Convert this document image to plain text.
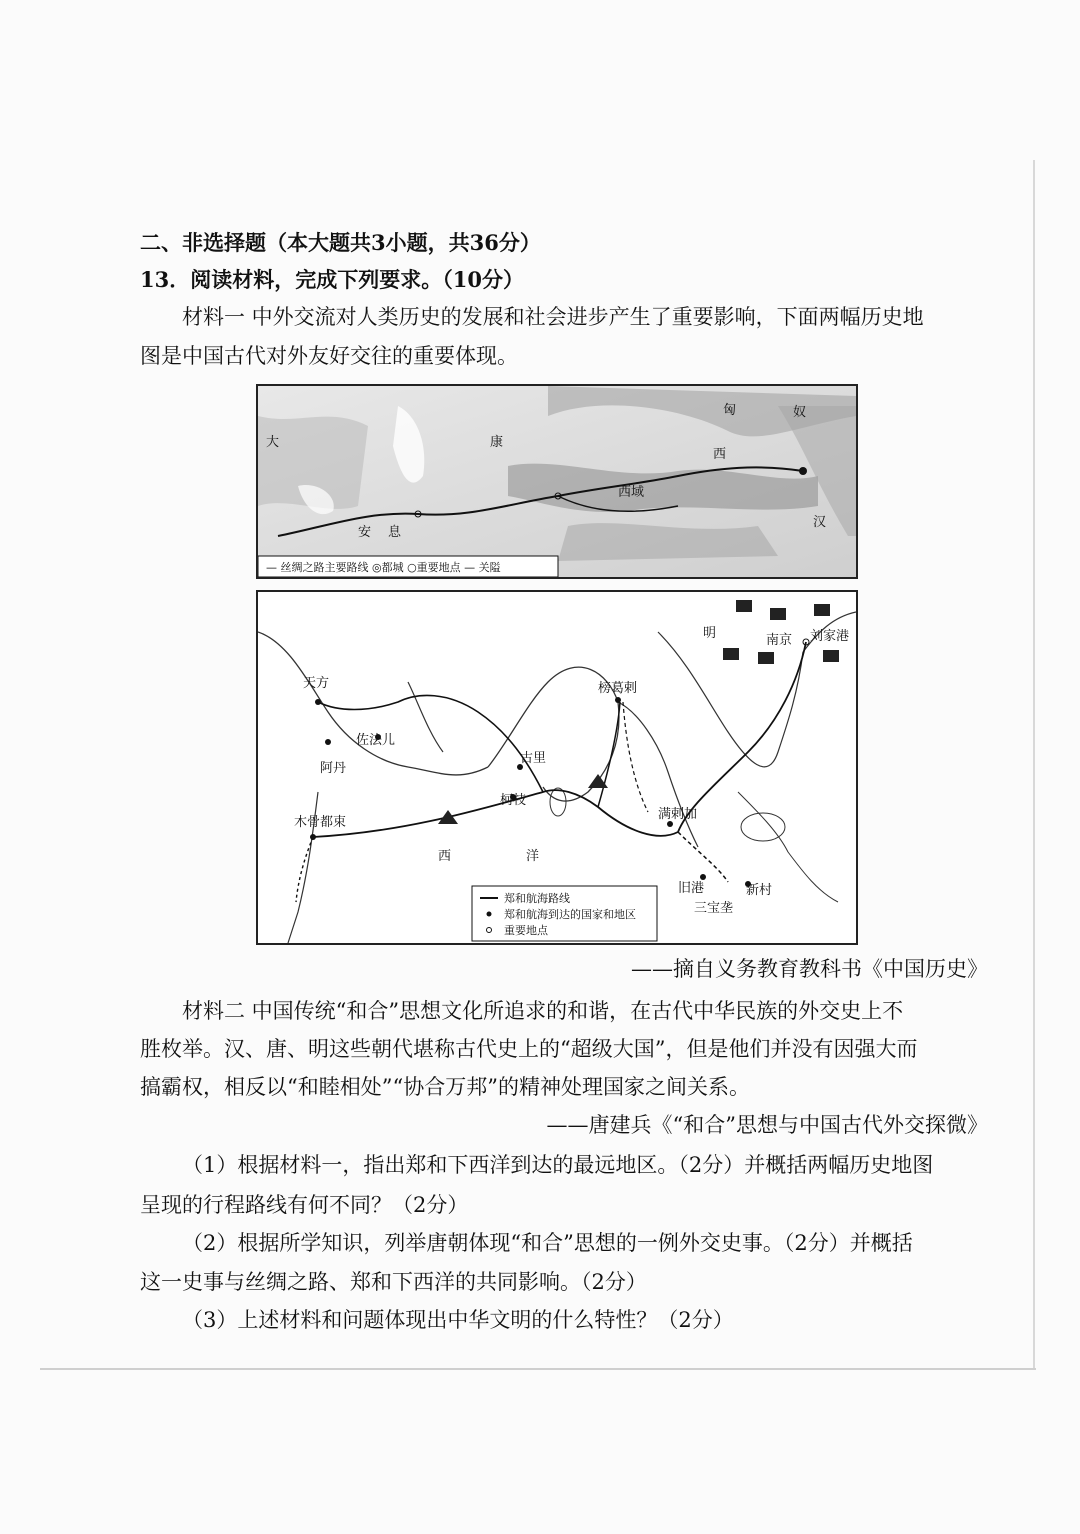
二、非选择题（本大题共3小题，共36分）
13．阅读材料，完成下列要求。（10分）
材料一 中外交流对人类历史的发展和社会进步产生了重要影响，下面两幅历史地
图是中国古代对外友好交往的重要体现。
匈	奴
西
汉
大
安 息
康
西域
— 丝绸之路主要路线 ◎都城 ○重要地点 — 关隘
明
天方
佐法儿
阿丹
木骨都束
榜葛剌
古里
柯枝
满剌加
旧港
三宝垄
新村
西	洋
南京 刘家港
郑和航海路线
郑和航海到达的国家和地区
重要地点
——摘自义务教育教科书《中国历史》
材料二 中国传统“和合”思想文化所追求的和谐，在古代中华民族的外交史上不
胜枚举。汉、唐、明这些朝代堪称古代史上的“超级大国”，但是他们并没有因强大而
搞霸权，相反以“和睦相处”“协合万邦”的精神处理国家之间关系。
——唐建兵《“和合”思想与中国古代外交探微》
（1）根据材料一，指出郑和下西洋到达的最远地区。（2分）并概括两幅历史地图
呈现的行程路线有何不同？（2分）
（2）根据所学知识，列举唐朝体现“和合”思想的一例外交史事。（2分）并概括
这一史事与丝绸之路、郑和下西洋的共同影响。（2分）
（3）上述材料和问题体现出中华文明的什么特性？（2分）
